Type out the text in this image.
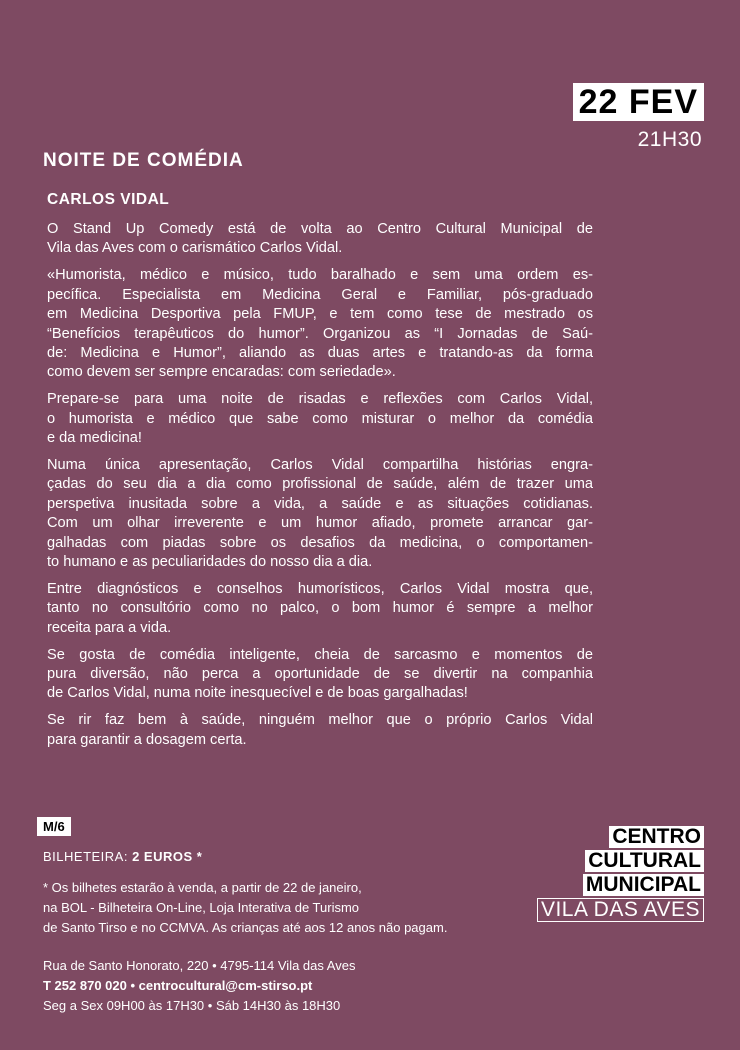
22 FEV
21H30
NOITE DE COMÉDIA
CARLOS VIDAL
O Stand Up Comedy está de volta ao Centro Cultural Municipal de
Vila das Aves com o carismático Carlos Vidal.
«Humorista, médico e músico, tudo baralhado e sem uma ordem es-
pecífica. Especialista em Medicina Geral e Familiar, pós-graduado
em Medicina Desportiva pela FMUP, e tem como tese de mestrado os
“Benefícios terapêuticos do humor”. Organizou as “I Jornadas de Saú-
de: Medicina e Humor”, aliando as duas artes e tratando-as da forma
como devem ser sempre encaradas: com seriedade».
Prepare-se para uma noite de risadas e reflexões com Carlos Vidal,
o humorista e médico que sabe como misturar o melhor da comédia
e da medicina!
Numa única apresentação, Carlos Vidal compartilha histórias engra-
çadas do seu dia a dia como profissional de saúde, além de trazer uma
perspetiva inusitada sobre a vida, a saúde e as situações cotidianas.
Com um olhar irreverente e um humor afiado, promete arrancar gar-
galhadas com piadas sobre os desafios da medicina, o comportamen-
to humano e as peculiaridades do nosso dia a dia.
Entre diagnósticos e conselhos humorísticos, Carlos Vidal mostra que,
tanto no consultório como no palco, o bom humor é sempre a melhor
receita para a vida.
Se gosta de comédia inteligente, cheia de sarcasmo e momentos de
pura diversão, não perca a oportunidade de se divertir na companhia
de Carlos Vidal, numa noite inesquecível e de boas gargalhadas!
Se rir faz bem à saúde, ninguém melhor que o próprio Carlos Vidal
para garantir a dosagem certa.
M/6
BILHETEIRA: 2 EUROS *
* Os bilhetes estarão à venda, a partir de 22 de janeiro,
na BOL - Bilheteira On-Line, Loja Interativa de Turismo
de Santo Tirso e no CCMVA. As crianças até aos 12 anos não pagam.
Rua de Santo Honorato, 220 • 4795-114 Vila das Aves
T 252 870 020 • centrocultural@cm-stirso.pt
Seg a Sex 09H00 às 17H30 • Sáb 14H30 às 18H30
CENTRO
CULTURAL
MUNICIPAL
VILA DAS AVES
